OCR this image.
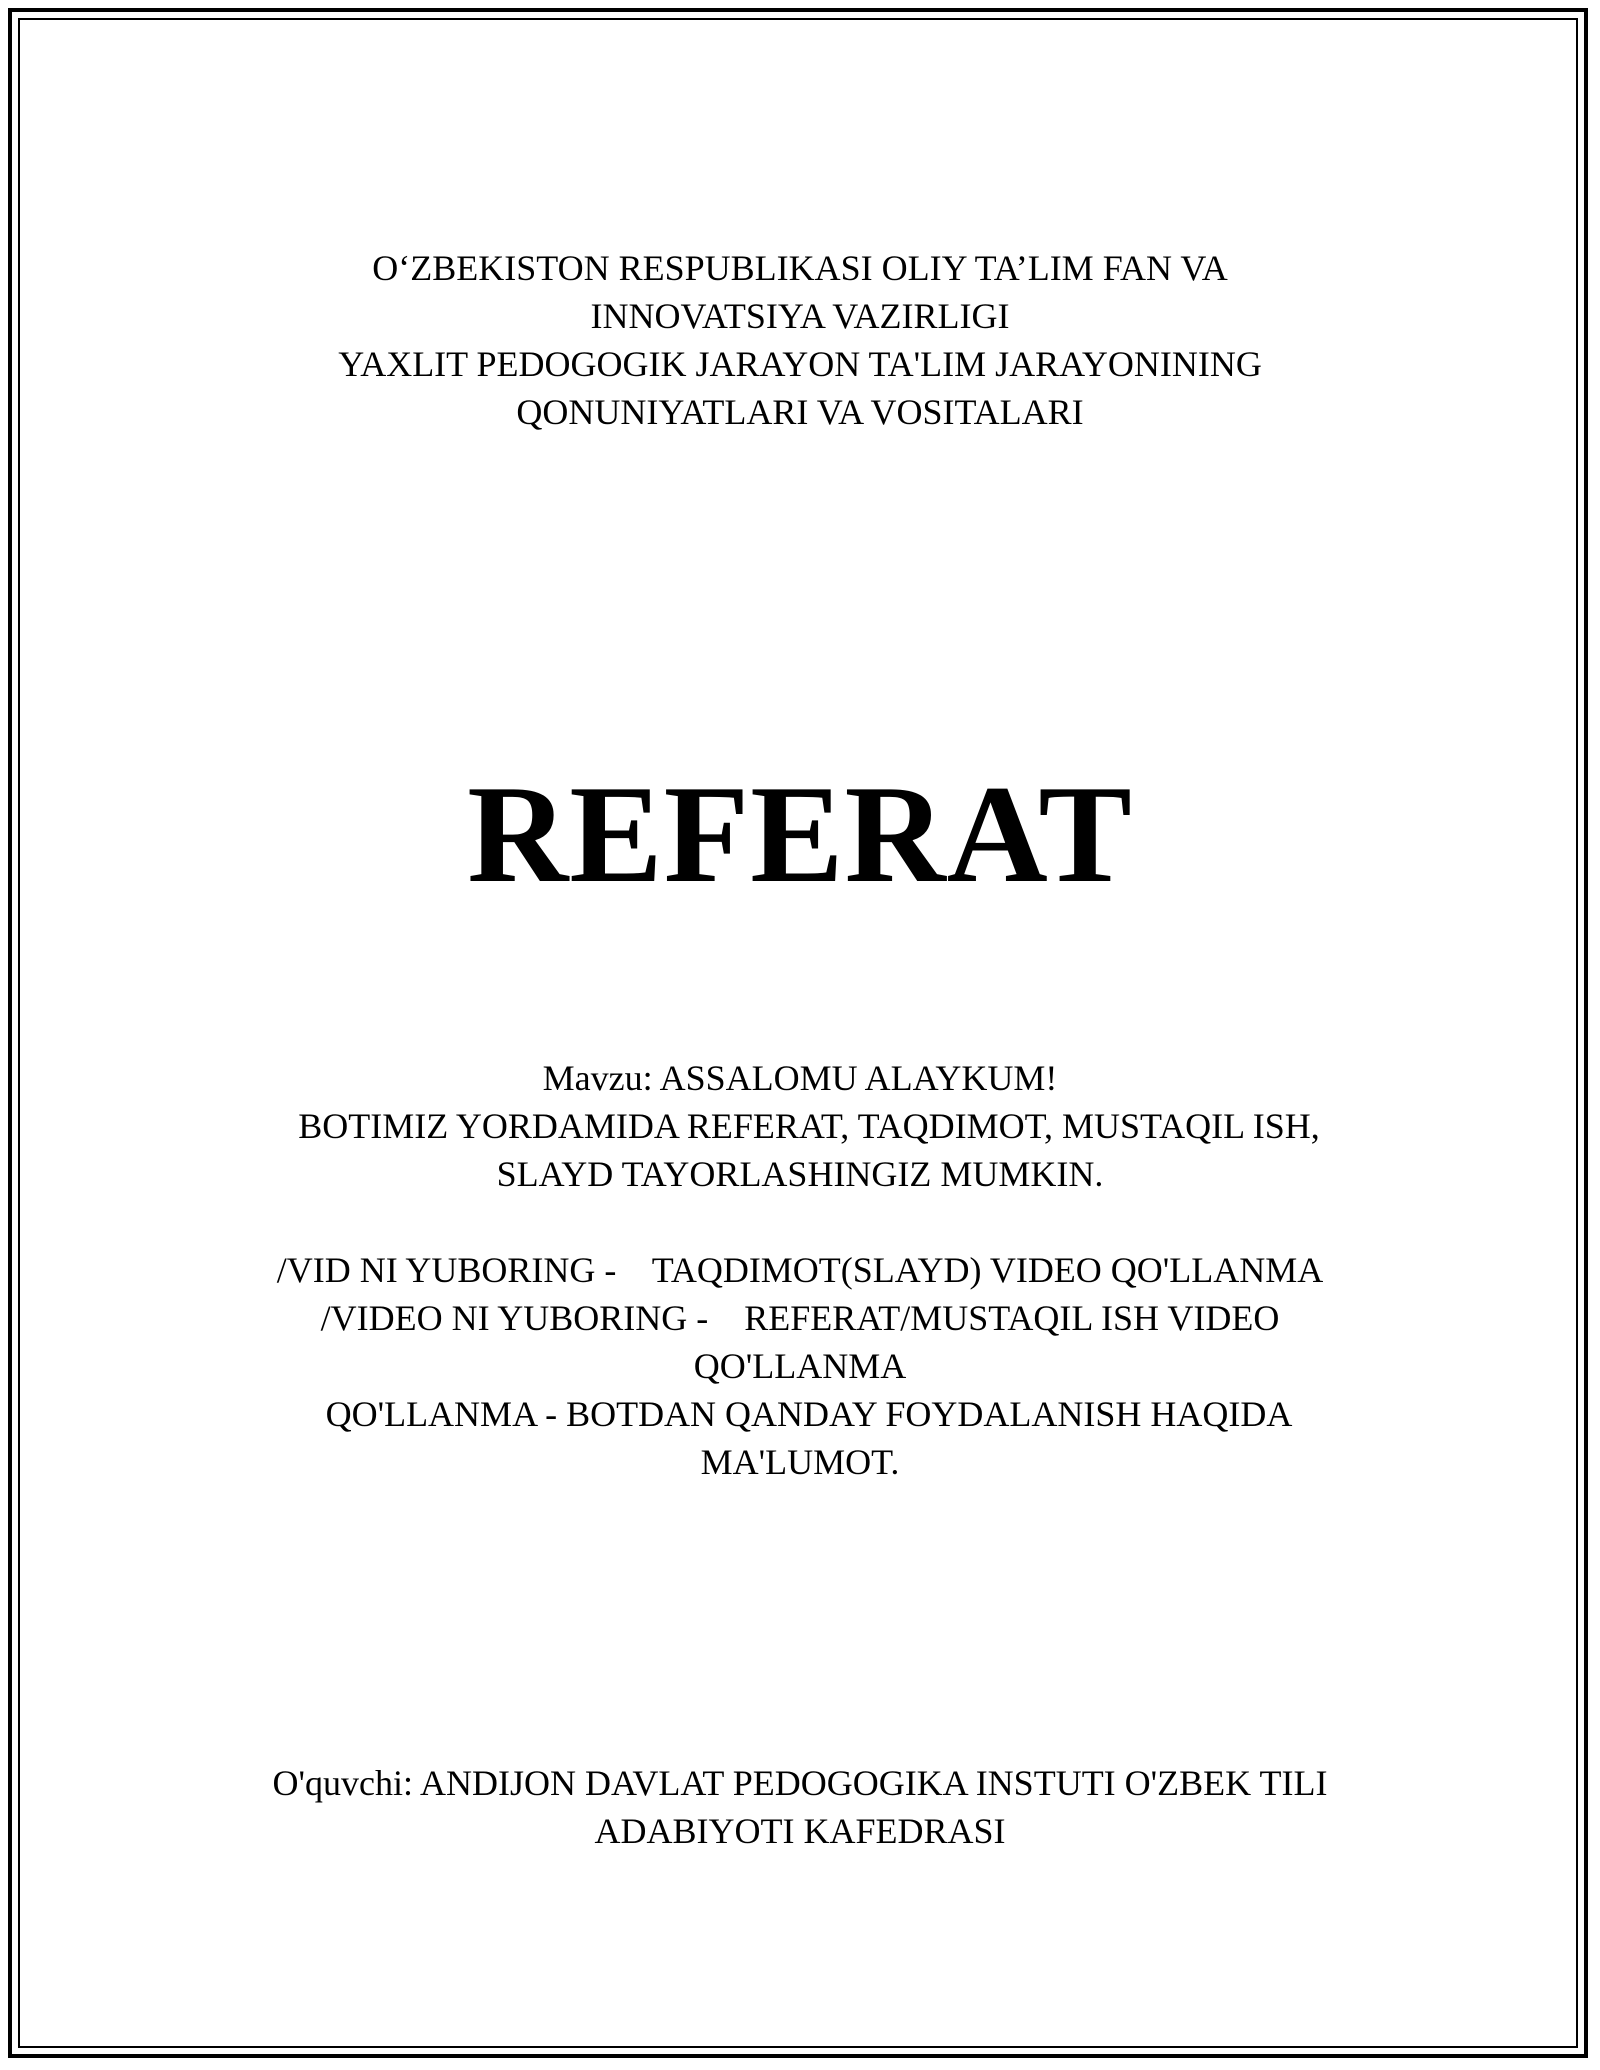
O‘ZBEKISTON RESPUBLIKASI OLIY TA’LIM FAN VA
INNOVATSIYA VAZIRLIGI
YAXLIT PEDOGOGIK JARAYON TA'LIM JARAYONINING
QONUNIYATLARI VA VOSITALARI
REFERAT
Mavzu: ASSALOMU ALAYKUM!
BOTIMIZ YORDAMIDA REFERAT, TAQDIMOT, MUSTAQIL ISH,
SLAYD TAYORLASHINGIZ MUMKIN.
/VID NI YUBORING -    TAQDIMOT(SLAYD) VIDEO QO'LLANMA
/VIDEO NI YUBORING -    REFERAT/MUSTAQIL ISH VIDEO
QO'LLANMA
QO'LLANMA - BOTDAN QANDAY FOYDALANISH HAQIDA
MA'LUMOT.
O'quvchi: ANDIJON DAVLAT PEDOGOGIKA INSTUTI O'ZBEK TILI
ADABIYOTI KAFEDRASI
